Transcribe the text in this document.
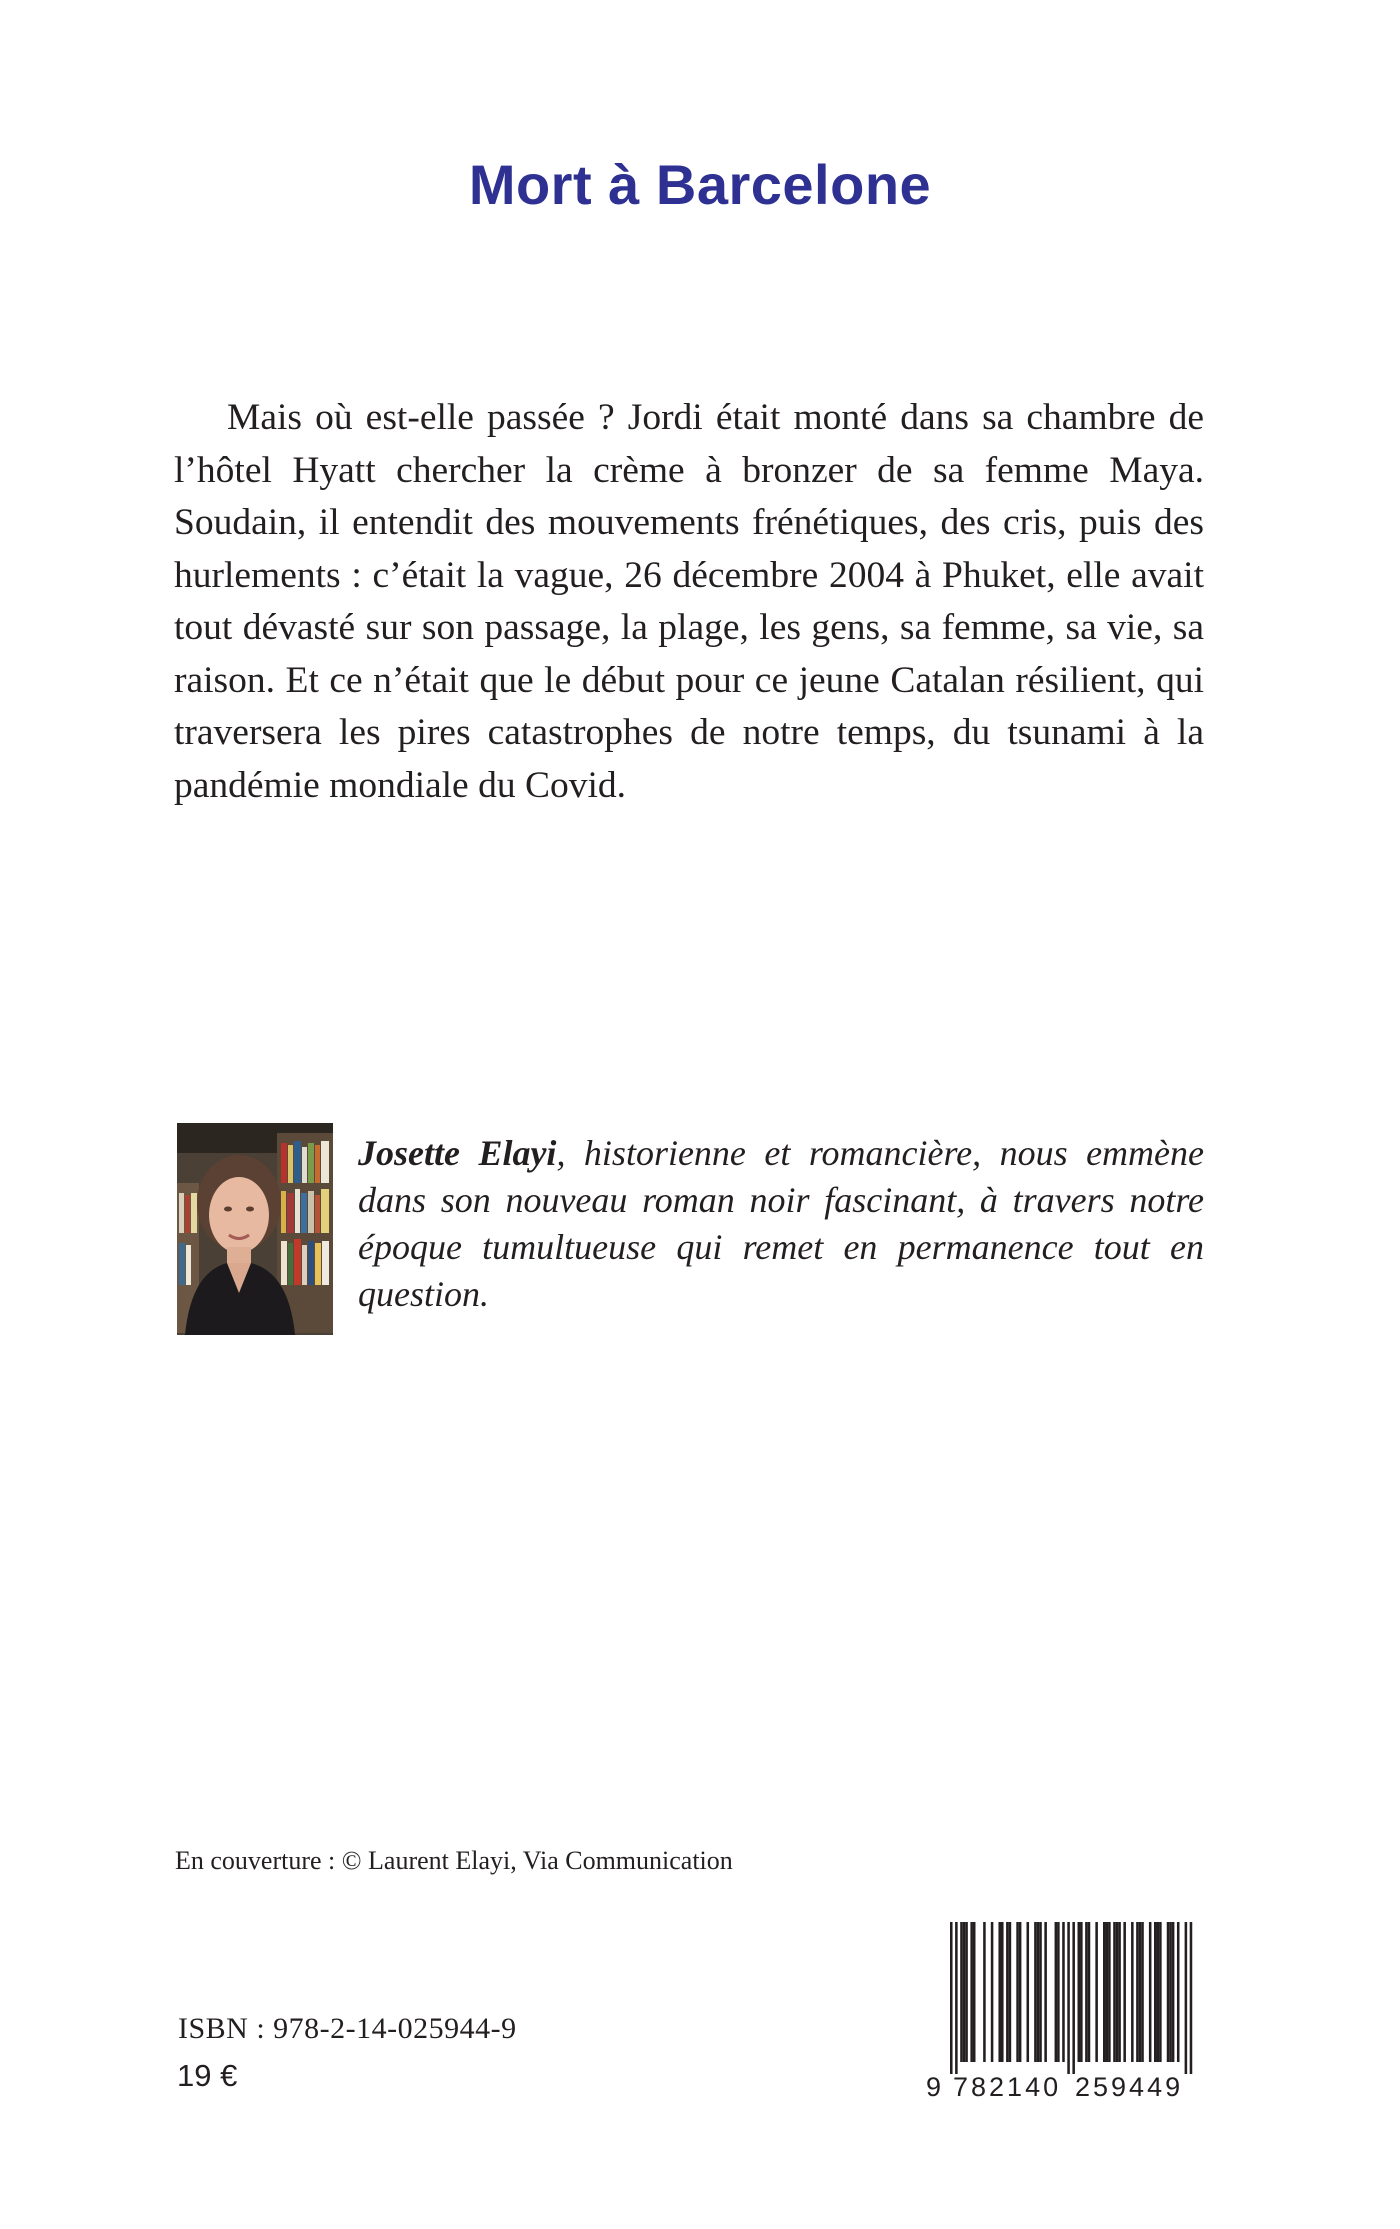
Mort à Barcelone

Mais où est-elle passée ? Jordi était monté dans sa chambre de l’hôtel Hyatt chercher la crème à bronzer de sa femme Maya. Soudain, il entendit des mouvements frénétiques, des cris, puis des hurlements : c’était la vague, 26 décembre 2004 à Phuket, elle avait tout dévasté sur son passage, la plage, les gens, sa femme, sa vie, sa raison. Et ce n’était que le début pour ce jeune Catalan résilient, qui traversera les pires catastrophes de notre temps, du tsunami à la pandémie mondiale du Covid.

Josette Elayi, historienne et romancière, nous emmène dans son nouveau roman noir fascinant, à travers notre époque tumultueuse qui remet en permanence tout en question.

En couverture : © Laurent Elayi, Via Communication
ISBN : 978-2-14-025944-9
19 €	9 782140 259449
